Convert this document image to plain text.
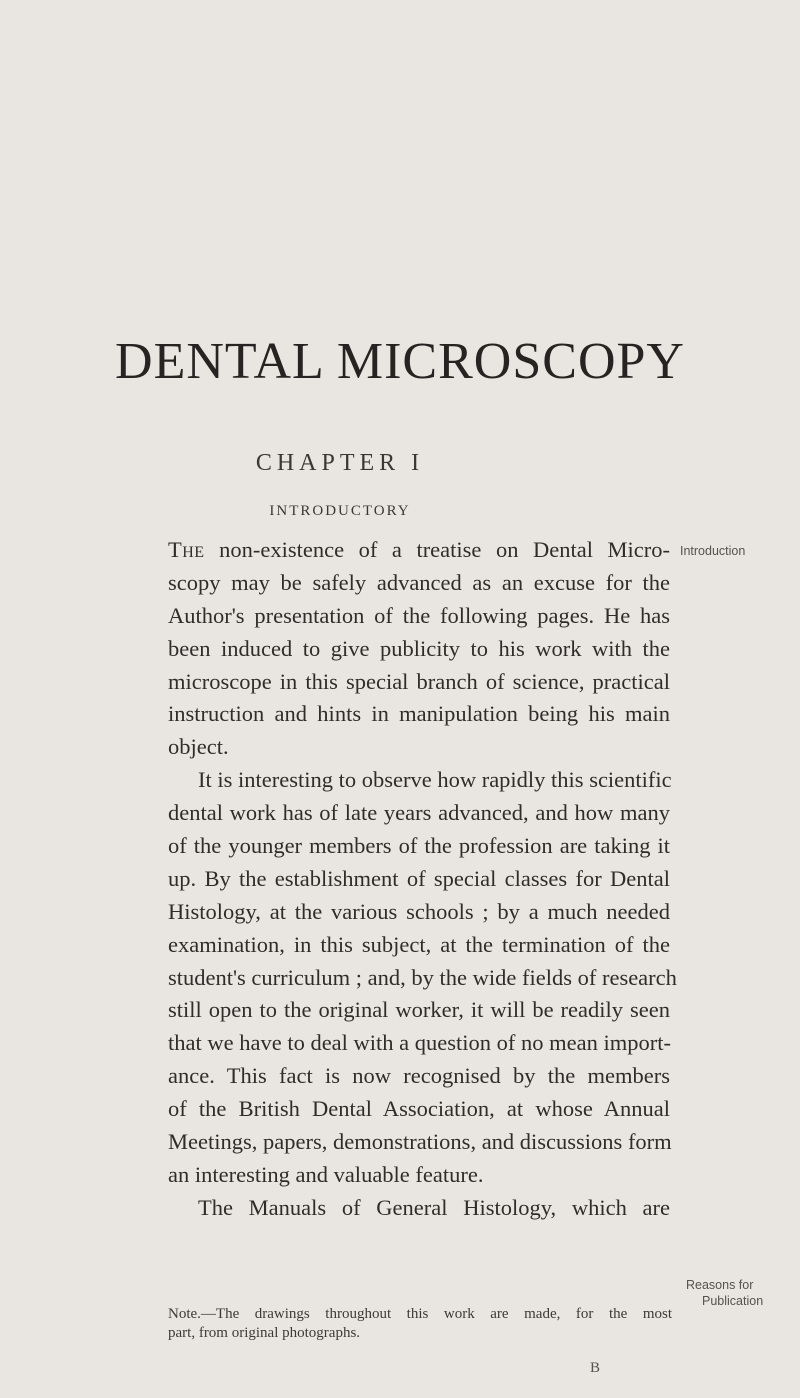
DENTAL MICROSCOPY
CHAPTER I
INTRODUCTORY
The non-existence of a treatise on Dental Micro-
scopy may be safely advanced as an excuse for the
Author's presentation of the following pages. He has
been induced to give publicity to his work with the
microscope in this special branch of science, practical
instruction and hints in manipulation being his main
object.
It is interesting to observe how rapidly this scientific
dental work has of late years advanced, and how many
of the younger members of the profession are taking it
up. By the establishment of special classes for Dental
Histology, at the various schools ; by a much needed
examination, in this subject, at the termination of the
student's curriculum ; and, by the wide fields of research
still open to the original worker, it will be readily seen
that we have to deal with a question of no mean import-
ance. This fact is now recognised by the members
of the British Dental Association, at whose Annual
Meetings, papers, demonstrations, and discussions form
an interesting and valuable feature.
The Manuals of General Histology, which are
Introduction
Reasons for
Publication
Note.—The drawings throughout this work are made, for the most
part, from original photographs.
B
